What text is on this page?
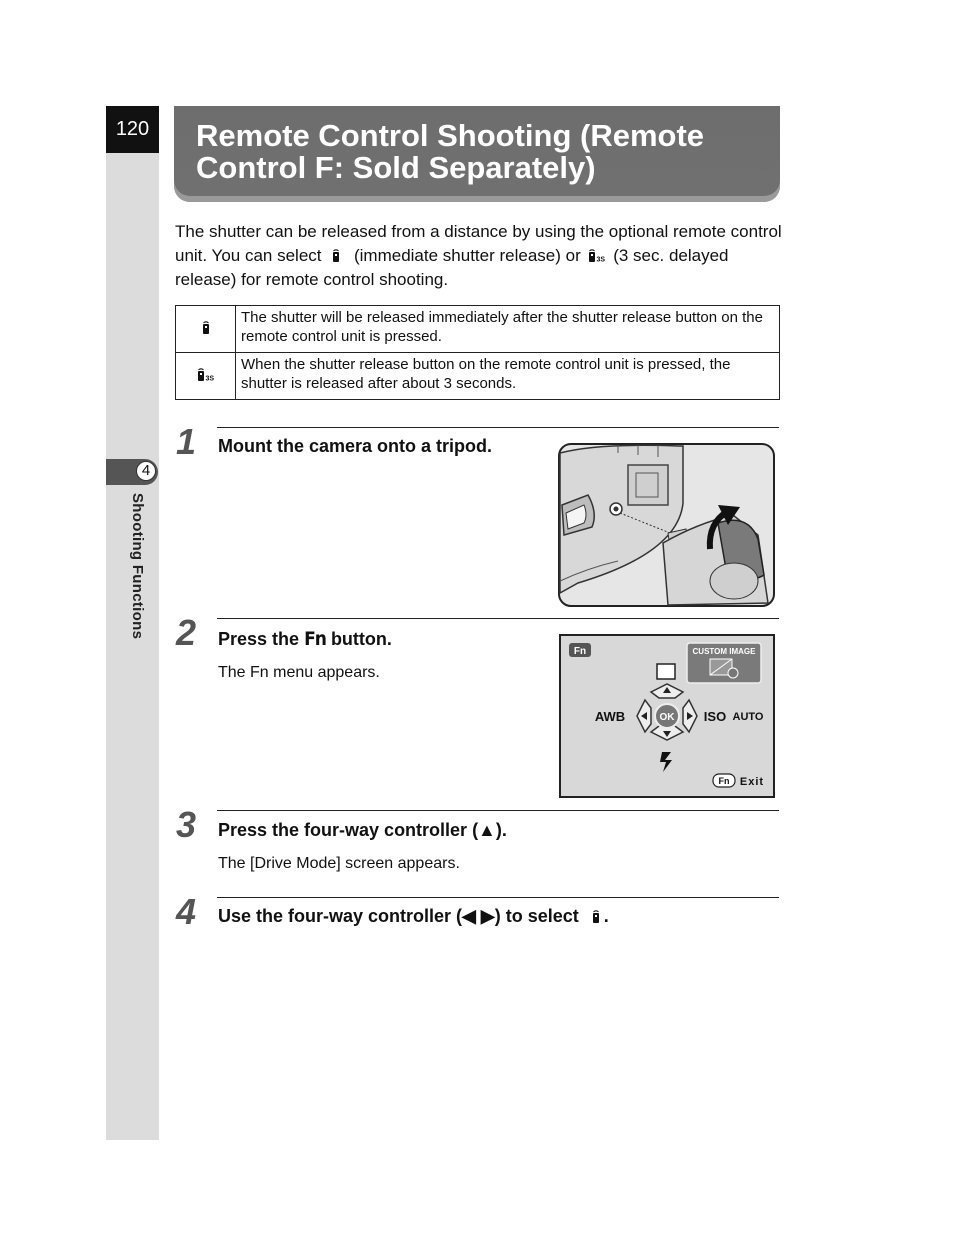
120
4
Shooting Functions
Remote Control Shooting (Remote Control F: Sold Separately)
The shutter can be released from a distance by using the optional remote control unit. You can select (immediate shutter release) or 3S (3 sec. delayed release) for remote control shooting.
	The shutter will be released immediately after the shutter release button on the remote control unit is pressed.

3S	When the shutter release button on the remote control unit is pressed, the shutter is released after about 3 seconds.
1 Mount the camera onto a tripod.
2 Press the Fn button.
The Fn menu appears.
Fn	CUSTOM IMAGE
OK
AWB	ISO AUTO
Fn Exit
3 Press the four-way controller (▲).
The [Drive Mode] screen appears.
4 Use the four-way controller (◀ ▶) to select .
